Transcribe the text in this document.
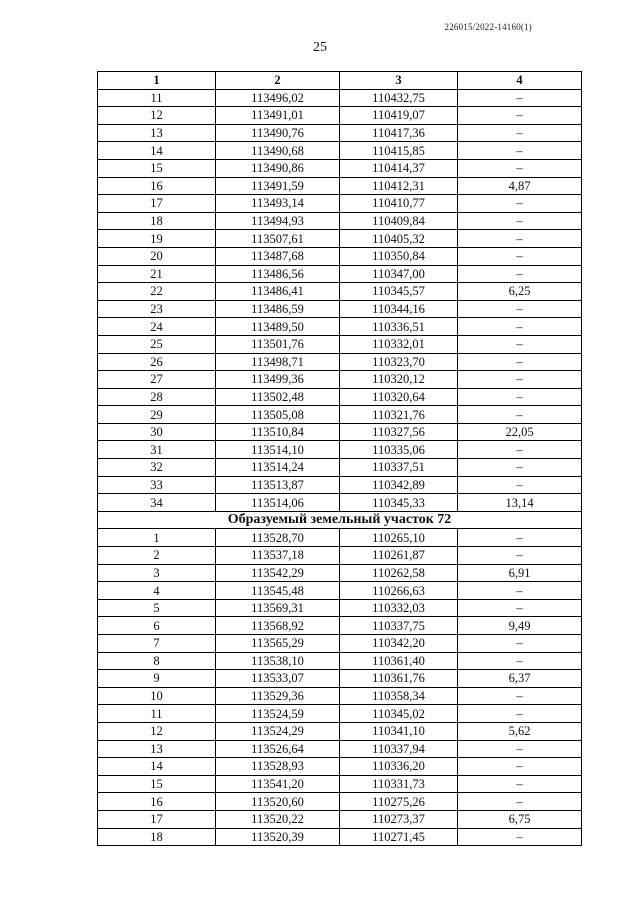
226015/2022-14160(1)
25
1	2	3	4
11	113496,02	110432,75	–
12	113491,01	110419,07	–
13	113490,76	110417,36	–
14	113490,68	110415,85	–
15	113490,86	110414,37	–
16	113491,59	110412,31	4,87
17	113493,14	110410,77	–
18	113494,93	110409,84	–
19	113507,61	110405,32	–
20	113487,68	110350,84	–
21	113486,56	110347,00	–
22	113486,41	110345,57	6,25
23	113486,59	110344,16	–
24	113489,50	110336,51	–
25	113501,76	110332,01	–
26	113498,71	110323,70	–
27	113499,36	110320,12	–
28	113502,48	110320,64	–
29	113505,08	110321,76	–
30	113510,84	110327,56	22,05
31	113514,10	110335,06	–
32	113514,24	110337,51	–
33	113513,87	110342,89	–
34	113514,06	110345,33	13,14
Образуемый земельный участок 72			
1	113528,70	110265,10	–
2	113537,18	110261,87	–
3	113542,29	110262,58	6,91
4	113545,48	110266,63	–
5	113569,31	110332,03	–
6	113568,92	110337,75	9,49
7	113565,29	110342,20	–
8	113538,10	110361,40	–
9	113533,07	110361,76	6,37
10	113529,36	110358,34	–
11	113524,59	110345,02	–
12	113524,29	110341,10	5,62
13	113526,64	110337,94	–
14	113528,93	110336,20	–
15	113541,20	110331,73	–
16	113520,60	110275,26	–
17	113520,22	110273,37	6,75
18	113520,39	110271,45	–
